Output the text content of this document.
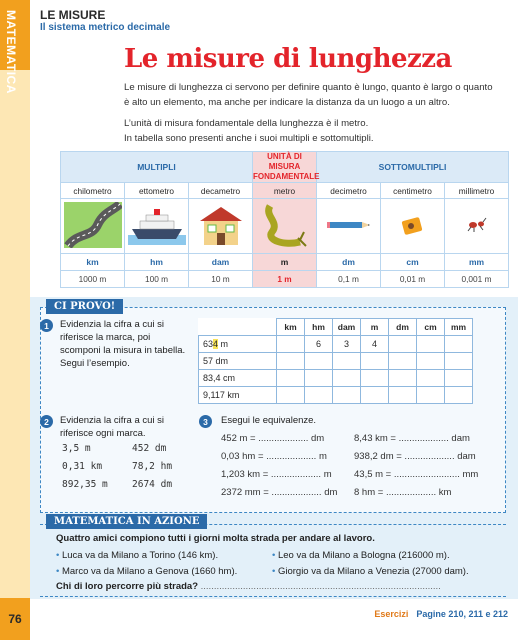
MATEMATICA
76
LE MISURE
Il sistema metrico decimale
Le misure di lunghezza

Le misure di lunghezza ci servono per definire quanto è lungo, quanto è largo o quanto è alto un elemento, ma anche per indicare la distanza da un luogo a un altro.

L’unità di misura fondamentale della lunghezza è il metro.
In tabella sono presenti anche i suoi multipli e sottomultipli.

MULTIPLI			UNITÀ DI MISURA
FONDAMENTALE	SOTTOMULTIPLI		
chilometro	ettometro	decametro	metro	decimetro	centimetro	millimetro

km	hm	dam	m	dm	cm	mm
1000 m	100 m	10 m	1 m	0,1 m	0,01 m	0,001 m
CI PROVO!
1	Evidenzia la cifra a cui si riferisce la marca, poi scomponi la misura in tabella. Segui l’esempio.
	km	hm	dam	m	dm	cm	mm
634 m		6	3	4			
57 dm							
83,4 cm							
9,117 km							
2	Evidenzia la cifra a cui si riferisce ogni marca.
3,5 m
0,31 km
892,35 m
452 dm
78,2 hm
2674 dm
3	Esegui le equivalenze.
452 m = ................... dm
0,03 hm = ................... m
1,203 km = ................... m
2372 mm = ................... dm
8,43 km = ................... dam
938,2 dm = ................... dam
43,5 m = ......................... mm
8 hm = ................... km
MATEMATICA IN AZIONE
Quattro amici compiono tutti i giorni molta strada per andare al lavoro.
• Luca va da Milano a Torino (146 km).
• Marco va da Milano a Genova (1660 hm).
• Leo va da Milano a Bologna (216000 m).
• Giorgio va da Milano a Venezia (27000 dam).
Chi di loro percorre più strada? ...........................................................................................
Esercizi Pagine 210, 211 e 212
